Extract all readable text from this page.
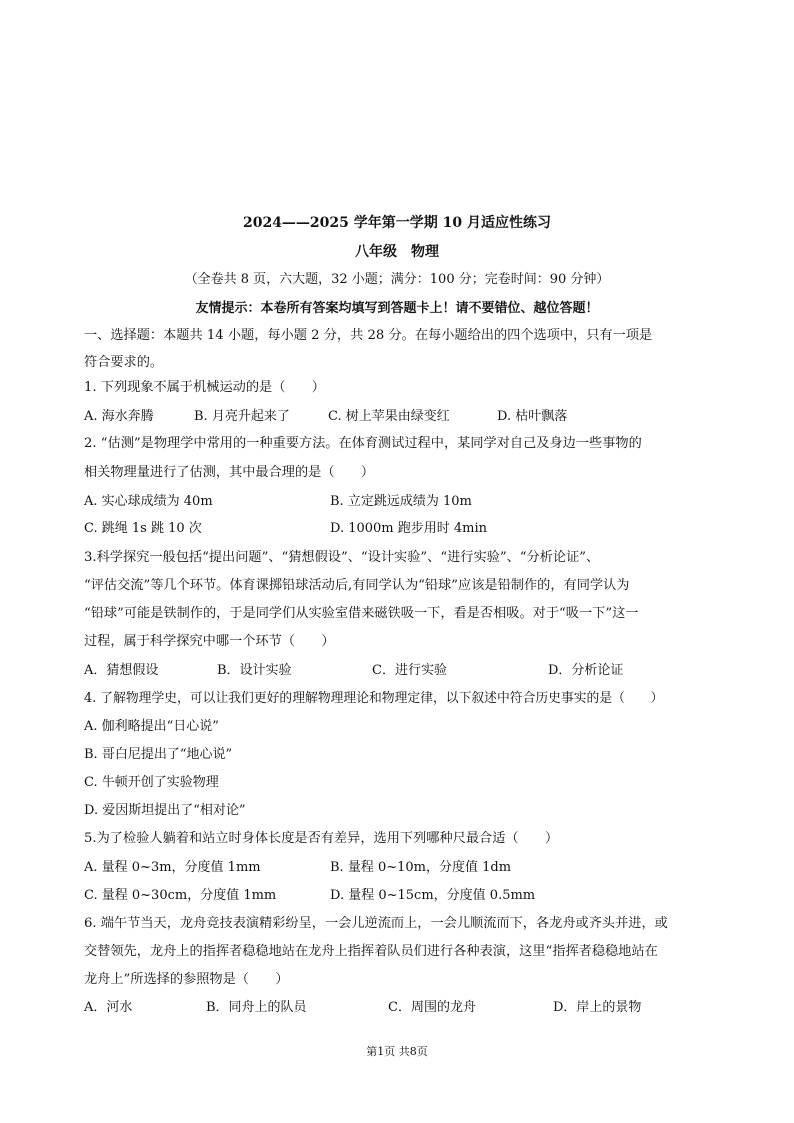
2024——2025 学年第一学期 10 月适应性练习
八年级　物理
（全卷共 8 页，六大题，32 小题；满分：100 分；完卷时间：90 分钟）
友情提示：本卷所有答案均填写到答题卡上！请不要错位、越位答题！
一、选择题：本题共 14 小题，每小题 2 分，共 28 分。在每小题给出的四个选项中，只有一项是
符合要求的。
1. 下列现象不属于机械运动的是（　　）
A. 海水奔腾	B. 月亮升起来了	C. 树上苹果由绿变红	D. 枯叶飘落
2. “估测”是物理学中常用的一种重要方法。在体育测试过程中，某同学对自己及身边一些事物的
相关物理量进行了估测，其中最合理的是（　　）
A. 实心球成绩为 40m	B. 立定跳远成绩为 10m
C. 跳绳 1s 跳 10 次	D. 1000m 跑步用时 4min
3.科学探究一般包括“提出问题”、“猜想假设”、“设计实验”、“进行实验”、“分析论证”、
“评估交流”等几个环节。体育课掷铅球活动后,有同学认为“铅球”应该是铅制作的，有同学认为
“铅球”可能是铁制作的，于是同学们从实验室借来磁铁吸一下，看是否相吸。对于“吸一下”这一
过程，属于科学探究中哪一个环节（　　）
A．猜想假设	B．设计实验	C．进行实验	D．分析论证
4. 了解物理学史，可以让我们更好的理解物理理论和物理定律，以下叙述中符合历史事实的是（　　）
A. 伽利略提出“日心说”
B. 哥白尼提出了“地心说”
C. 牛顿开创了实验物理
D. 爱因斯坦提出了“相对论”
5.为了检验人躺着和站立时身体长度是否有差异，选用下列哪种尺最合适（　　）
A. 量程 0~3m，分度值 1mm	B. 量程 0~10m，分度值 1dm
C. 量程 0~30cm，分度值 1mm	D. 量程 0~15cm，分度值 0.5mm
6. 端午节当天，龙舟竞技表演精彩纷呈，一会儿逆流而上，一会儿顺流而下，各龙舟或齐头并进，或
交替领先，龙舟上的指挥者稳稳地站在龙舟上指挥着队员们进行各种表演，这里“指挥者稳稳地站在
龙舟上”所选择的参照物是（　　）
A．河水	B．同舟上的队员	C．周围的龙舟	D．岸上的景物
第1页 共8页
